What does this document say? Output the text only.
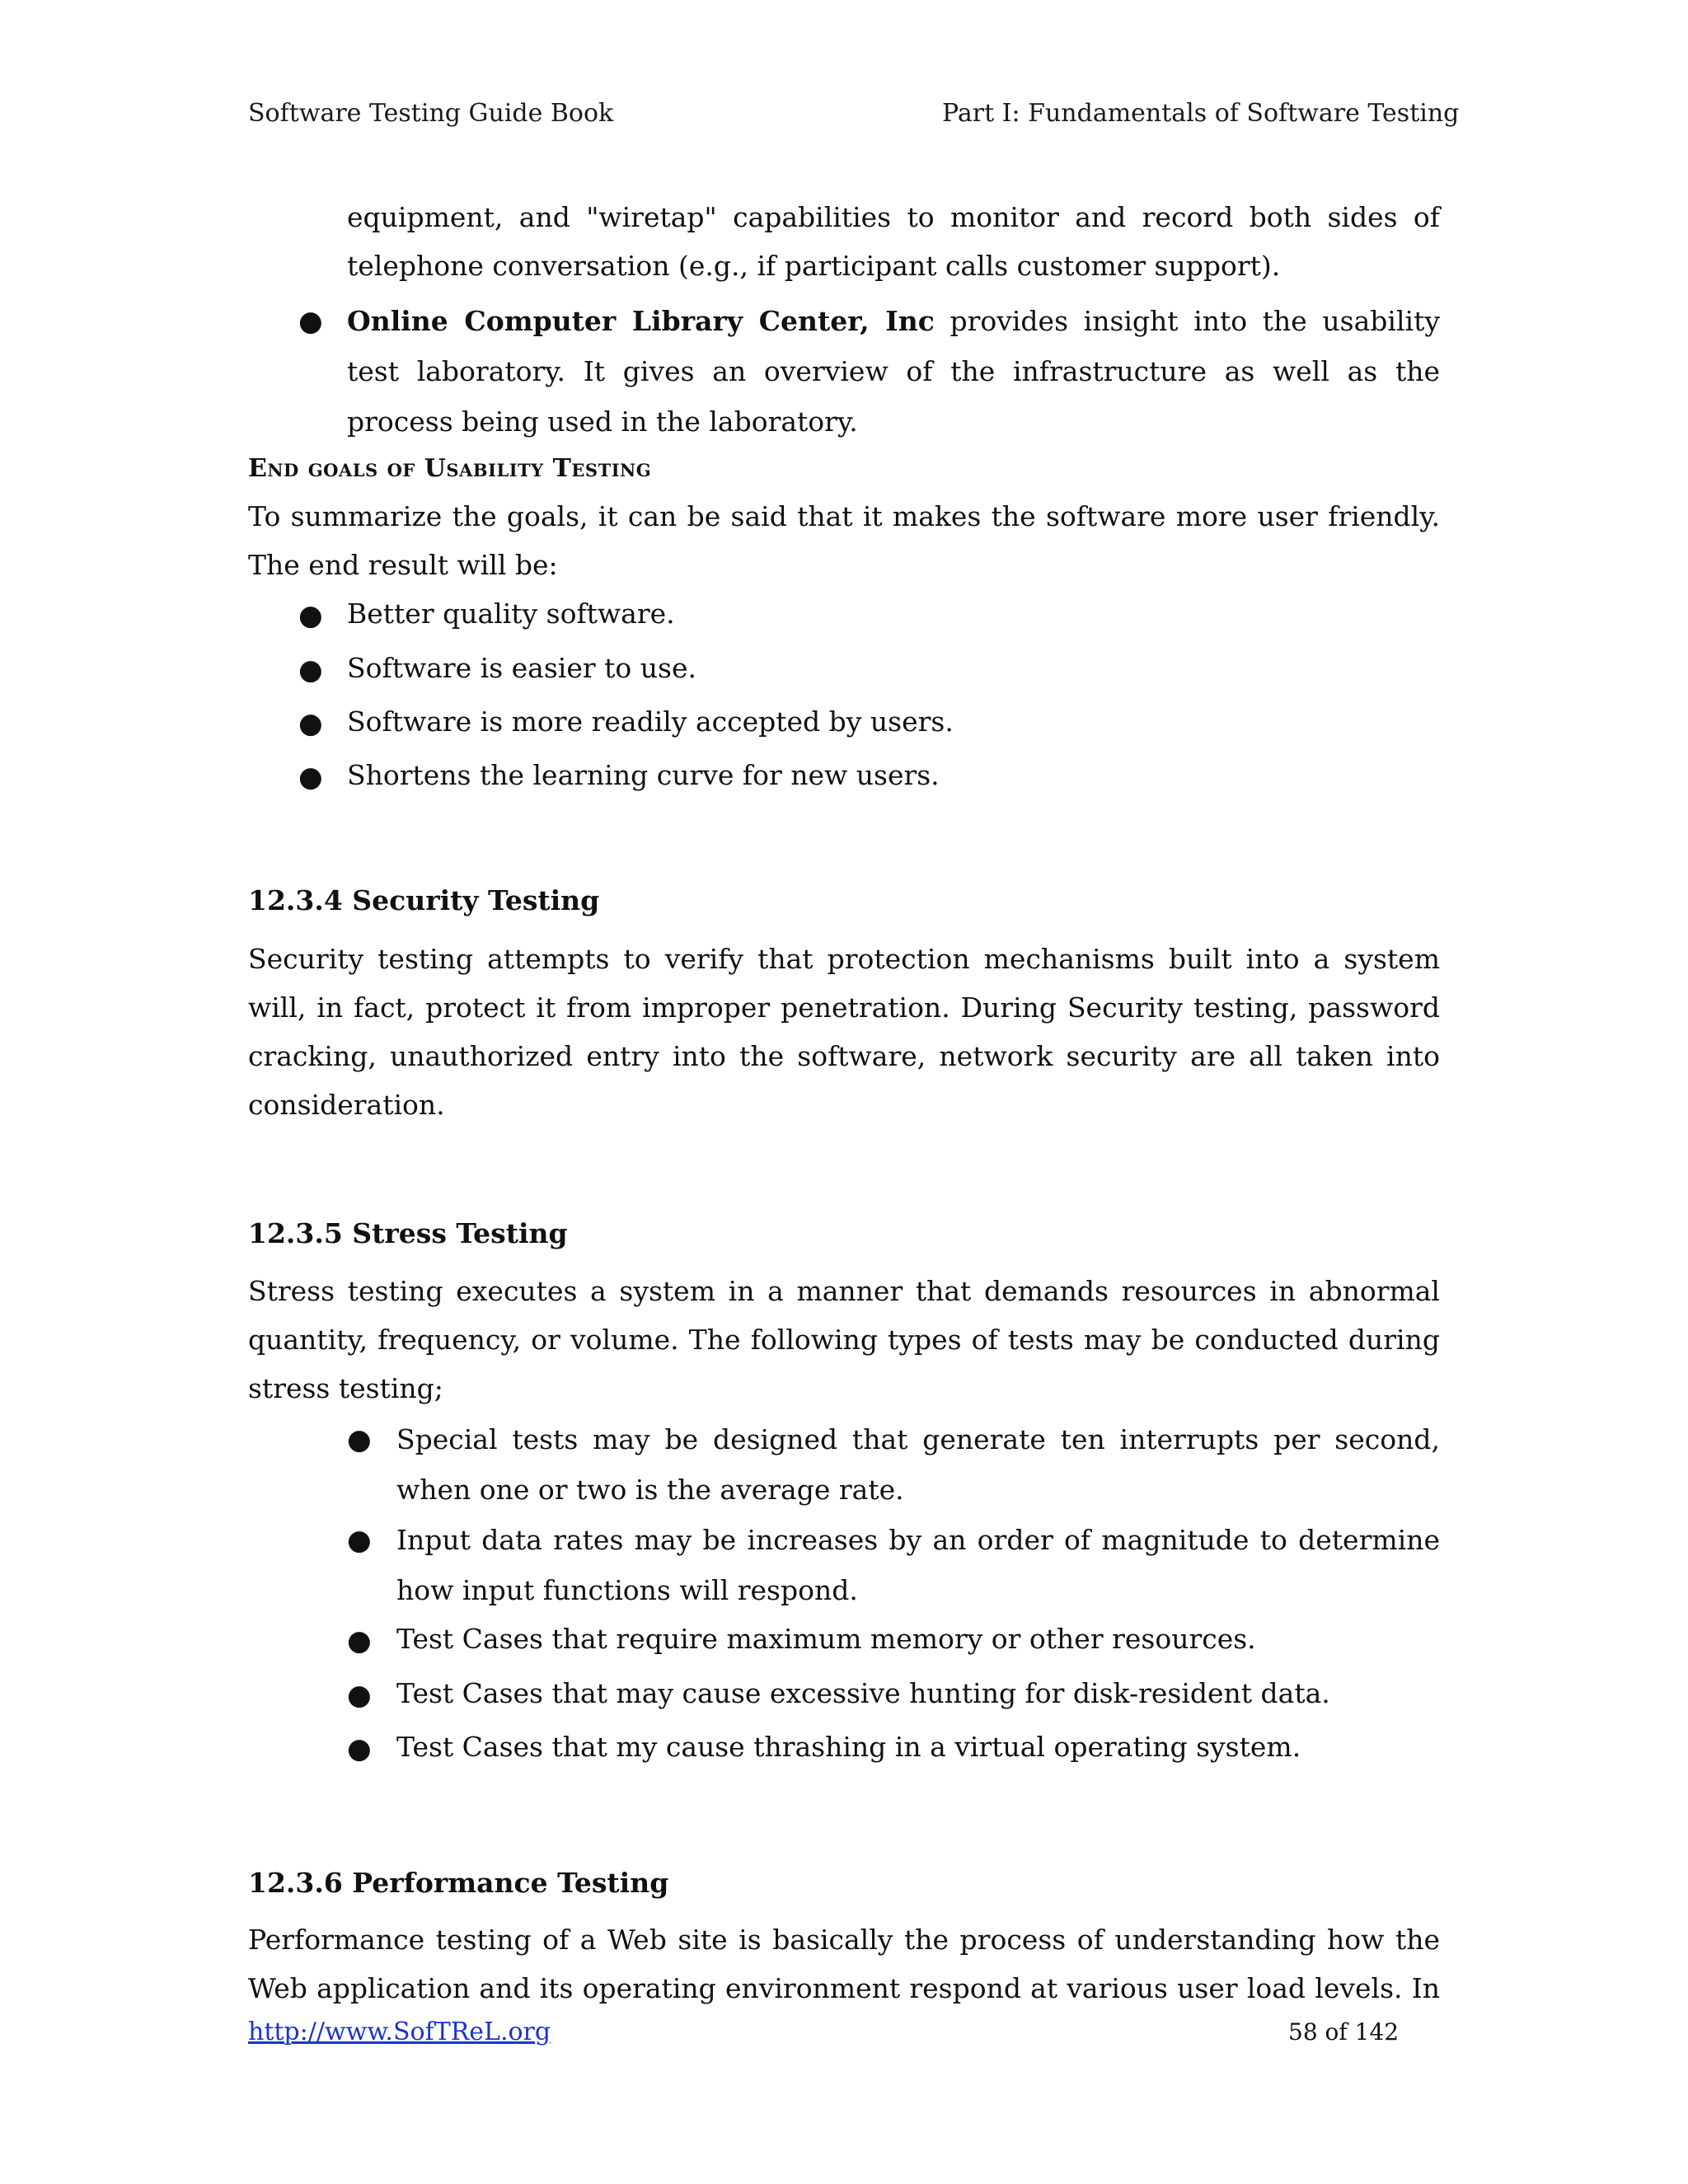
Software Testing Guide Book	Part I: Fundamentals of Software Testing

equipment, and "wiretap" capabilities to monitor and record both sides of telephone conversation (e.g., if participant calls customer support).

● Online Computer Library Center, Inc provides insight into the usability test laboratory. It gives an overview of the infrastructure as well as the process being used in the laboratory.

End goals of Usability Testing

To summarize the goals, it can be said that it makes the software more user friendly. The end result will be:

● Better quality software.
● Software is easier to use.
● Software is more readily accepted by users.
● Shortens the learning curve for new users.
12.3.4 Security Testing

Security testing attempts to verify that protection mechanisms built into a system will, in fact, protect it from improper penetration. During Security testing, password cracking, unauthorized entry into the software, network security are all taken into consideration.

12.3.5 Stress Testing

Stress testing executes a system in a manner that demands resources in abnormal quantity, frequency, or volume. The following types of tests may be conducted during stress testing;

● Special tests may be designed that generate ten interrupts per second, when one or two is the average rate.

● Input data rates may be increases by an order of magnitude to determine how input functions will respond.

● Test Cases that require maximum memory or other resources.
● Test Cases that may cause excessive hunting for disk-resident data.
● Test Cases that my cause thrashing in a virtual operating system.
12.3.6 Performance Testing

Performance testing of a Web site is basically the process of understanding how the Web application and its operating environment respond at various user load levels. In

http://www.SofTReL.org	58 of 142
